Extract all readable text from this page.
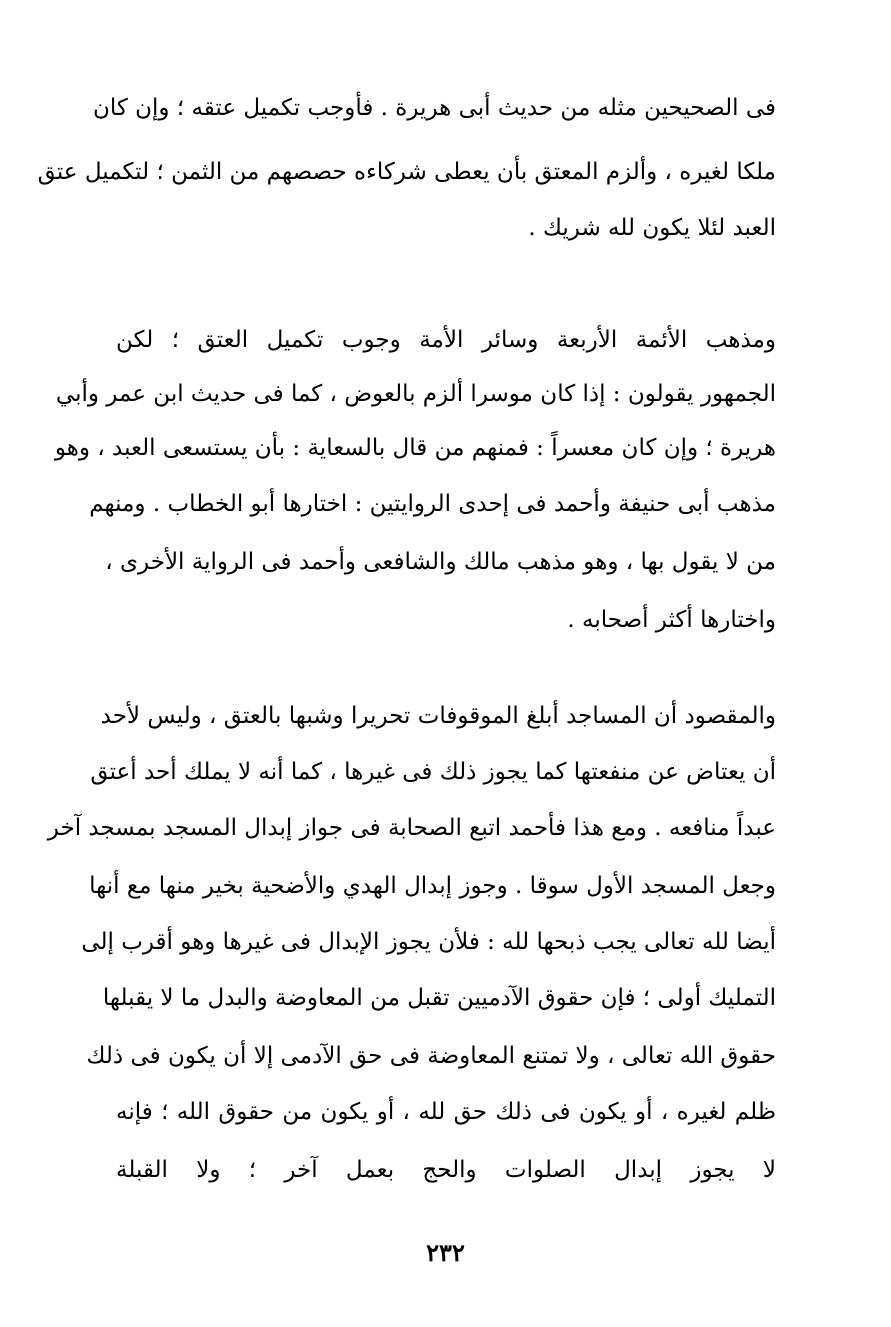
فى الصحيحين مثله من حديث أبى هريرة . فأوجب تكميل عتقه ؛ وإن كان
ملكا لغيره ، وألزم المعتق بأن يعطى شركاءه حصصهم من الثمن ؛ لتكميل عتق
العبد لئلا يكون لله شريك .
ومذهب الأئمة الأربعة وسائر الأمة وجوب تكميل العتق ؛ لكن
الجمهور يقولون : إذا كان موسرا ألزم بالعوض ، كما فى حديث ابن عمر وأبي
هريرة ؛ وإن كان معسراً : فمنهم من قال بالسعاية : بأن يستسعى العبد ، وهو
مذهب أبى حنيفة وأحمد فى إحدى الروايتين : اختارها أبو الخطاب . ومنهم
من لا يقول بها ، وهو مذهب مالك والشافعى وأحمد فى الرواية الأخرى ،
واختارها أكثر أصحابه .
والمقصود أن المساجد أبلغ الموقوفات تحريرا وشبها بالعتق ، وليس لأحد
أن يعتاض عن منفعتها كما يجوز ذلك فى غيرها ، كما أنه لا يملك أحد أعتق
عبداً منافعه . ومع هذا فأحمد اتبع الصحابة فى جواز إبدال المسجد بمسجد آخر
وجعل المسجد الأول سوقا . وجوز إبدال الهدي والأضحية بخير منها مع أنها
أيضا لله تعالى يجب ذبحها لله : فلأن يجوز الإبدال فى غيرها وهو أقرب إلى
التمليك أولى ؛ فإن حقوق الآدميين تقبل من المعاوضة والبدل ما لا يقبلها
حقوق الله تعالى ، ولا تمتنع المعاوضة فى حق الآدمى إلا أن يكون فى ذلك
ظلم لغيره ، أو يكون فى ذلك حق لله ، أو يكون من حقوق الله ؛ فإنه
لا يجوز إبدال الصلوات والحج بعمل آخر ؛ ولا القبلة
٢٣٢
